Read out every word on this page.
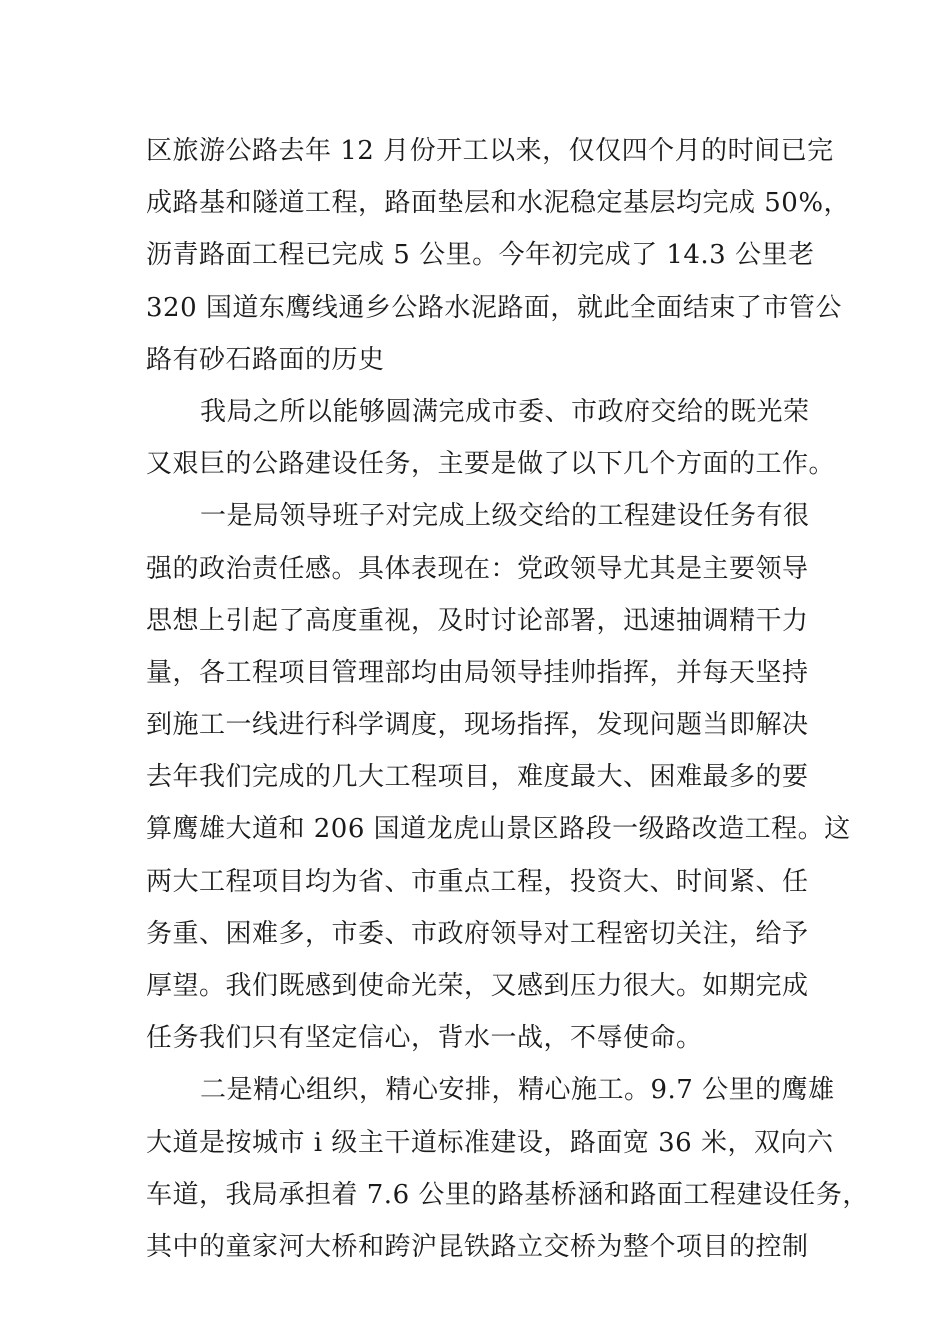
区旅游公路去年 12 月份开工以来，仅仅四个月的时间已完
成路基和隧道工程，路面垫层和水泥稳定基层均完成 50%，
沥青路面工程已完成 5 公里。今年初完成了 14.3 公里老
320 国道东鹰线通乡公路水泥路面，就此全面结束了市管公
路有砂石路面的历史
我局之所以能够圆满完成市委、市政府交给的既光荣
又艰巨的公路建设任务，主要是做了以下几个方面的工作。
一是局领导班子对完成上级交给的工程建设任务有很
强的政治责任感。具体表现在：党政领导尤其是主要领导
思想上引起了高度重视，及时讨论部署，迅速抽调精干力
量，各工程项目管理部均由局领导挂帅指挥，并每天坚持
到施工一线进行科学调度，现场指挥，发现问题当即解决
去年我们完成的几大工程项目，难度最大、困难最多的要
算鹰雄大道和 206 国道龙虎山景区路段一级路改造工程。这
两大工程项目均为省、市重点工程，投资大、时间紧、任
务重、困难多，市委、市政府领导对工程密切关注，给予
厚望。我们既感到使命光荣，又感到压力很大。如期完成
任务我们只有坚定信心，背水一战，不辱使命。
二是精心组织，精心安排，精心施工。9.7 公里的鹰雄
大道是按城市 i 级主干道标准建设，路面宽 36 米，双向六
车道，我局承担着 7.6 公里的路基桥涵和路面工程建设任务，
其中的童家河大桥和跨沪昆铁路立交桥为整个项目的控制
